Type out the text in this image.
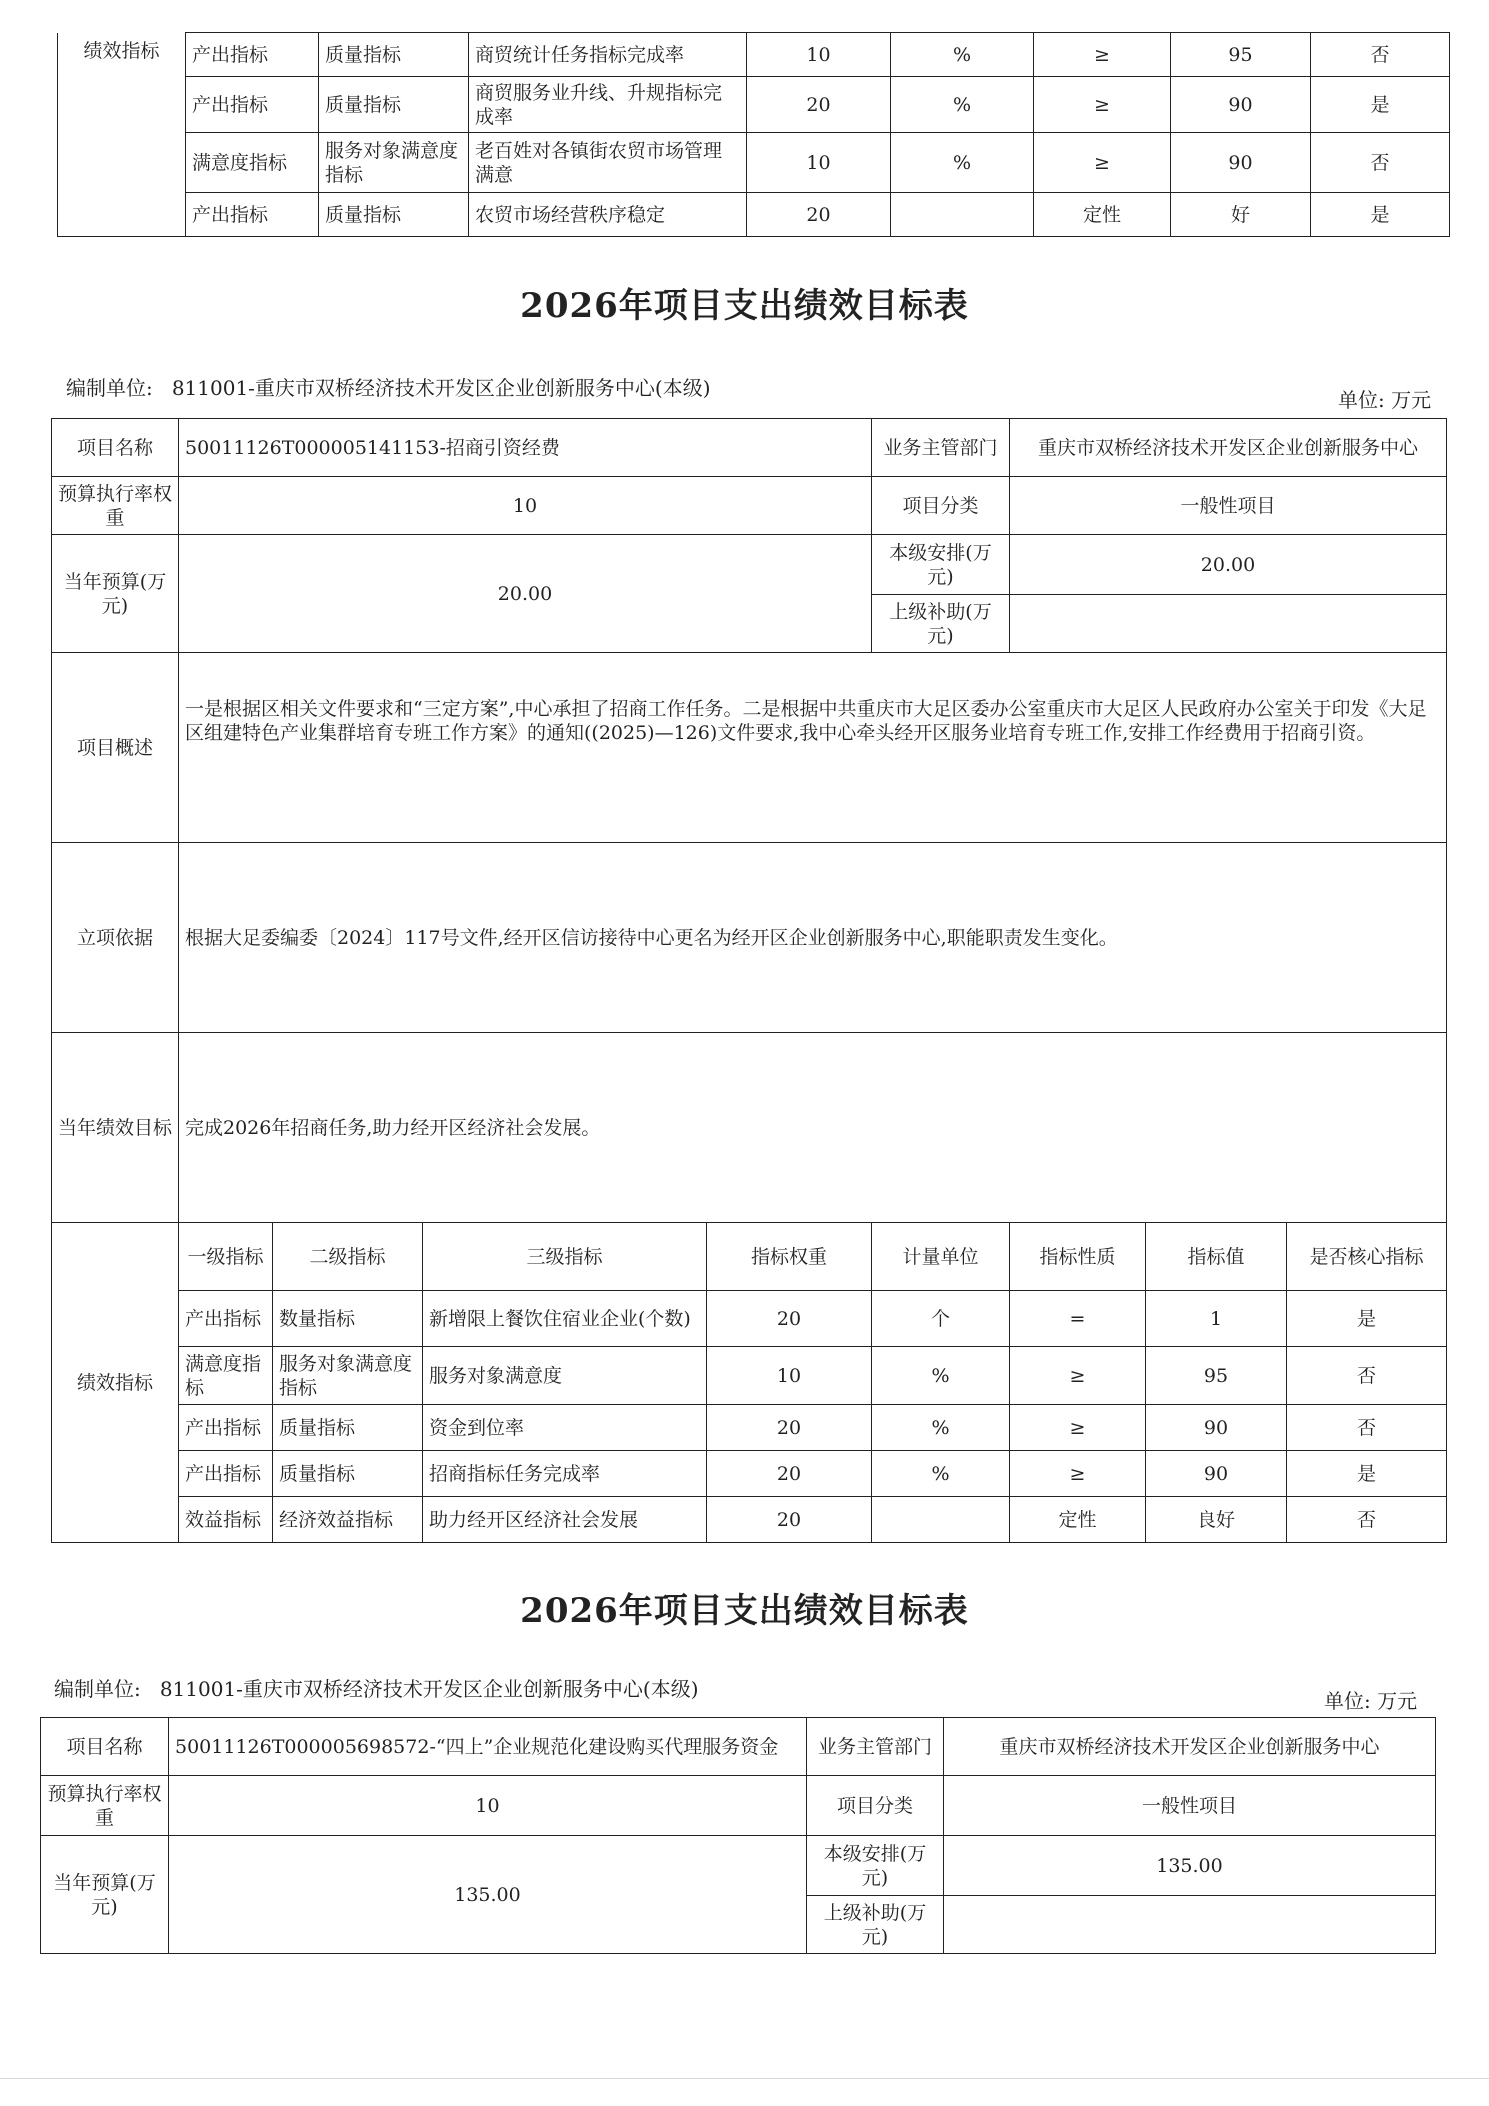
绩效指标	产出指标	质量指标	商贸统计任务指标完成率	10	%	≥	95	否
	产出指标	质量指标	商贸服务业升线、升规指标完成率	20	%	≥	90	是
	满意度指标	服务对象满意度指标	老百姓对各镇街农贸市场管理满意	10	%	≥	90	否
	产出指标	质量指标	农贸市场经营秩序稳定	20		定性	好	是
2026年项目支出绩效目标表
编制单位: 811001-重庆市双桥经济技术开发区企业创新服务中心(本级)	单位: 万元
项目名称	50011126T000005141153-招商引资经费				业务主管部门	重庆市双桥经济技术开发区企业创新服务中心		
预算执行率权重	10				项目分类	一般性项目		
当年预算(万元)	20.00				本级安排(万元)	20.00		
					上级补助(万元)			
项目概述	一是根据区相关文件要求和“三定方案”,中心承担了招商工作任务。二是根据中共重庆市大足区委办公室重庆市大足区人民政府办公室关于印发《大足区组建特色产业集群培育专班工作方案》的通知((2025)—126)文件要求,我中心牵头经开区服务业培育专班工作,安排工作经费用于招商引资。							
立项依据	根据大足委编委〔2024〕117号文件,经开区信访接待中心更名为经开区企业创新服务中心,职能职责发生变化。							
当年绩效目标	完成2026年招商任务,助力经开区经济社会发展。							
绩效指标	一级指标	二级指标	三级指标	指标权重	计量单位	指标性质	指标值	是否核心指标
	产出指标	数量指标	新增限上餐饮住宿业企业(个数)	20	个	=	1	是
	满意度指标	服务对象满意度指标	服务对象满意度	10	%	≥	95	否
	产出指标	质量指标	资金到位率	20	%	≥	90	否
	产出指标	质量指标	招商指标任务完成率	20	%	≥	90	是
	效益指标	经济效益指标	助力经开区经济社会发展	20		定性	良好	否
2026年项目支出绩效目标表
编制单位: 811001-重庆市双桥经济技术开发区企业创新服务中心(本级)	单位: 万元
项目名称	50011126T000005698572-“四上”企业规范化建设购买代理服务资金	业务主管部门	重庆市双桥经济技术开发区企业创新服务中心
预算执行率权重	10	项目分类	一般性项目
当年预算(万元)	135.00	本级安排(万元)	135.00
		上级补助(万元)	
